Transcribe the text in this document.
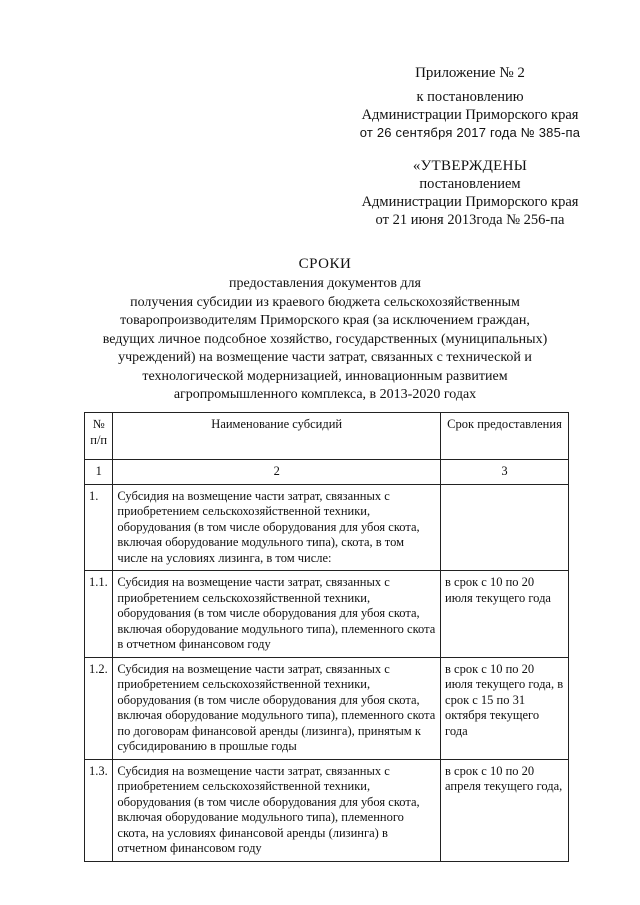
Приложение № 2
к постановлению
Администрации Приморского края
от 26 сентября 2017 года № 385-па
«УТВЕРЖДЕНЫ
постановлением
Администрации Приморского края
от 21 июня 2013года № 256-па
СРОКИ
предоставления документов для
получения субсидии из краевого бюджета сельскохозяйственным
товаропроизводителям Приморского края (за исключением граждан,
ведущих личное подсобное хозяйство, государственных (муниципальных)
учреждений) на возмещение части затрат, связанных с технической и
технологической модернизацией, инновационным развитием
агропромышленного комплекса, в 2013-2020 годах
№ п/п	Наименование субсидий	Срок предоставления
1	2	3
1.	Субсидия на возмещение части затрат, связанных с приобретением сельскохозяйственной техники, оборудования (в том числе оборудования для убоя скота, включая оборудование модульного типа), скота, в том числе на условиях лизинга, в том числе:	
1.1.	Субсидия на возмещение части затрат, связанных с приобретением сельскохозяйственной техники, оборудования (в том числе оборудования для убоя скота, включая оборудование модульного типа), племенного скота в отчетном финансовом году	в срок с 10 по 20 июля текущего года
1.2.	Субсидия на возмещение части затрат, связанных с приобретением сельскохозяйственной техники, оборудования (в том числе оборудования для убоя скота, включая оборудование модульного типа), племенного скота по договорам финансовой аренды (лизинга), принятым к субсидированию в прошлые годы	в срок с 10 по 20 июля текущего года, в срок с 15 по 31 октября текущего года
1.3.	Субсидия на возмещение части затрат, связанных с приобретением сельскохозяйственной техники, оборудования (в том числе оборудования для убоя скота, включая оборудование модульного типа), племенного скота, на условиях финансовой аренды (лизинга) в отчетном финансовом году	в срок с 10 по 20 апреля текущего года,
